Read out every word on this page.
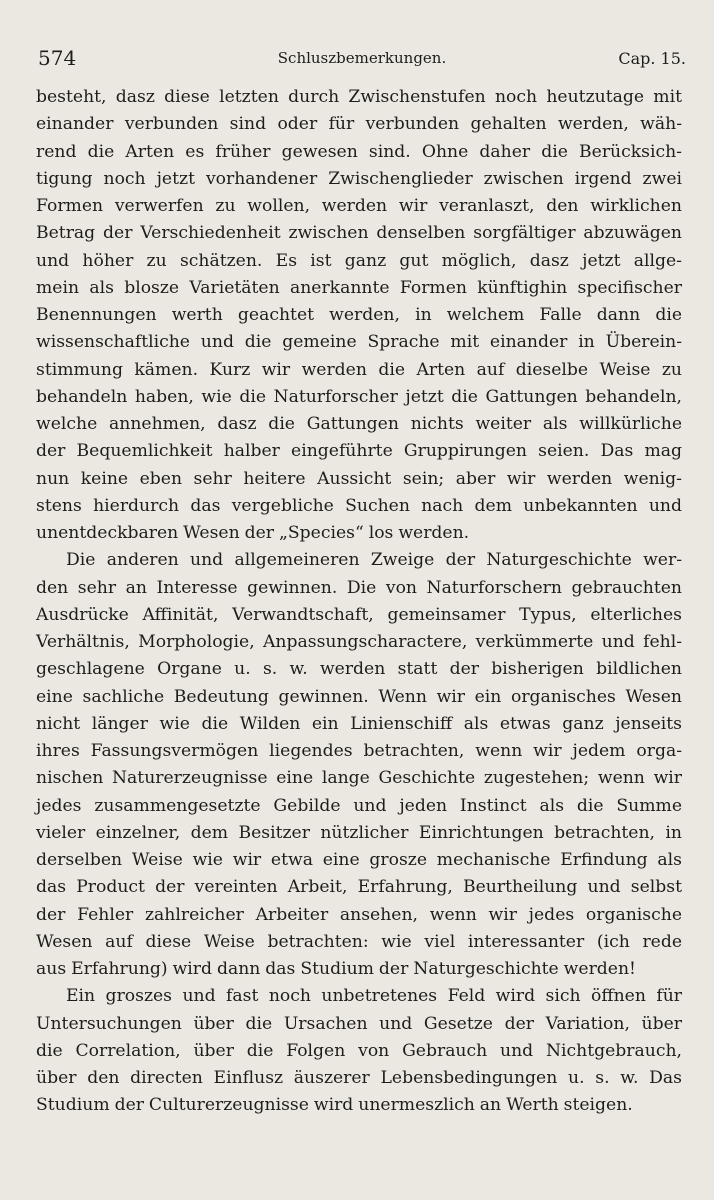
574	Schluszbemerkungen.	Cap. 15.
besteht, dasz diese letzten durch Zwischenstufen noch heutzutage mit
einander verbunden sind oder für verbunden gehalten werden, wäh-
rend die Arten es früher gewesen sind. Ohne daher die Berücksich-
tigung noch jetzt vorhandener Zwischenglieder zwischen irgend zwei
Formen verwerfen zu wollen, werden wir veranlaszt, den wirklichen
Betrag der Verschiedenheit zwischen denselben sorgfältiger abzuwägen
und höher zu schätzen. Es ist ganz gut möglich, dasz jetzt allge-
mein als blosze Varietäten anerkannte Formen künftighin specifischer
Benennungen werth geachtet werden, in welchem Falle dann die
wissenschaftliche und die gemeine Sprache mit einander in Überein-
stimmung kämen. Kurz wir werden die Arten auf dieselbe Weise zu
behandeln haben, wie die Naturforscher jetzt die Gattungen behandeln,
welche annehmen, dasz die Gattungen nichts weiter als willkürliche
der Bequemlichkeit halber eingeführte Gruppirungen seien. Das mag
nun keine eben sehr heitere Aussicht sein; aber wir werden wenig-
stens hierdurch das vergebliche Suchen nach dem unbekannten und
unentdeckbaren Wesen der „Species“ los werden.
Die anderen und allgemeineren Zweige der Naturgeschichte wer-
den sehr an Interesse gewinnen. Die von Naturforschern gebrauchten
Ausdrücke Affinität, Verwandtschaft, gemeinsamer Typus, elterliches
Verhältnis, Morphologie, Anpassungscharactere, verkümmerte und fehl-
geschlagene Organe u. s. w. werden statt der bisherigen bildlichen
eine sachliche Bedeutung gewinnen. Wenn wir ein organisches Wesen
nicht länger wie die Wilden ein Linienschiff als etwas ganz jenseits
ihres Fassungsvermögen liegendes betrachten, wenn wir jedem orga-
nischen Naturerzeugnisse eine lange Geschichte zugestehen; wenn wir
jedes zusammengesetzte Gebilde und jeden Instinct als die Summe
vieler einzelner, dem Besitzer nützlicher Einrichtungen betrachten, in
derselben Weise wie wir etwa eine grosze mechanische Erfindung als
das Product der vereinten Arbeit, Erfahrung, Beurtheilung und selbst
der Fehler zahlreicher Arbeiter ansehen, wenn wir jedes organische
Wesen auf diese Weise betrachten: wie viel interessanter (ich rede
aus Erfahrung) wird dann das Studium der Naturgeschichte werden!
Ein groszes und fast noch unbetretenes Feld wird sich öffnen für
Untersuchungen über die Ursachen und Gesetze der Variation, über
die Correlation, über die Folgen von Gebrauch und Nichtgebrauch,
über den directen Einflusz äuszerer Lebensbedingungen u. s. w. Das
Studium der Culturerzeugnisse wird unermeszlich an Werth steigen.
